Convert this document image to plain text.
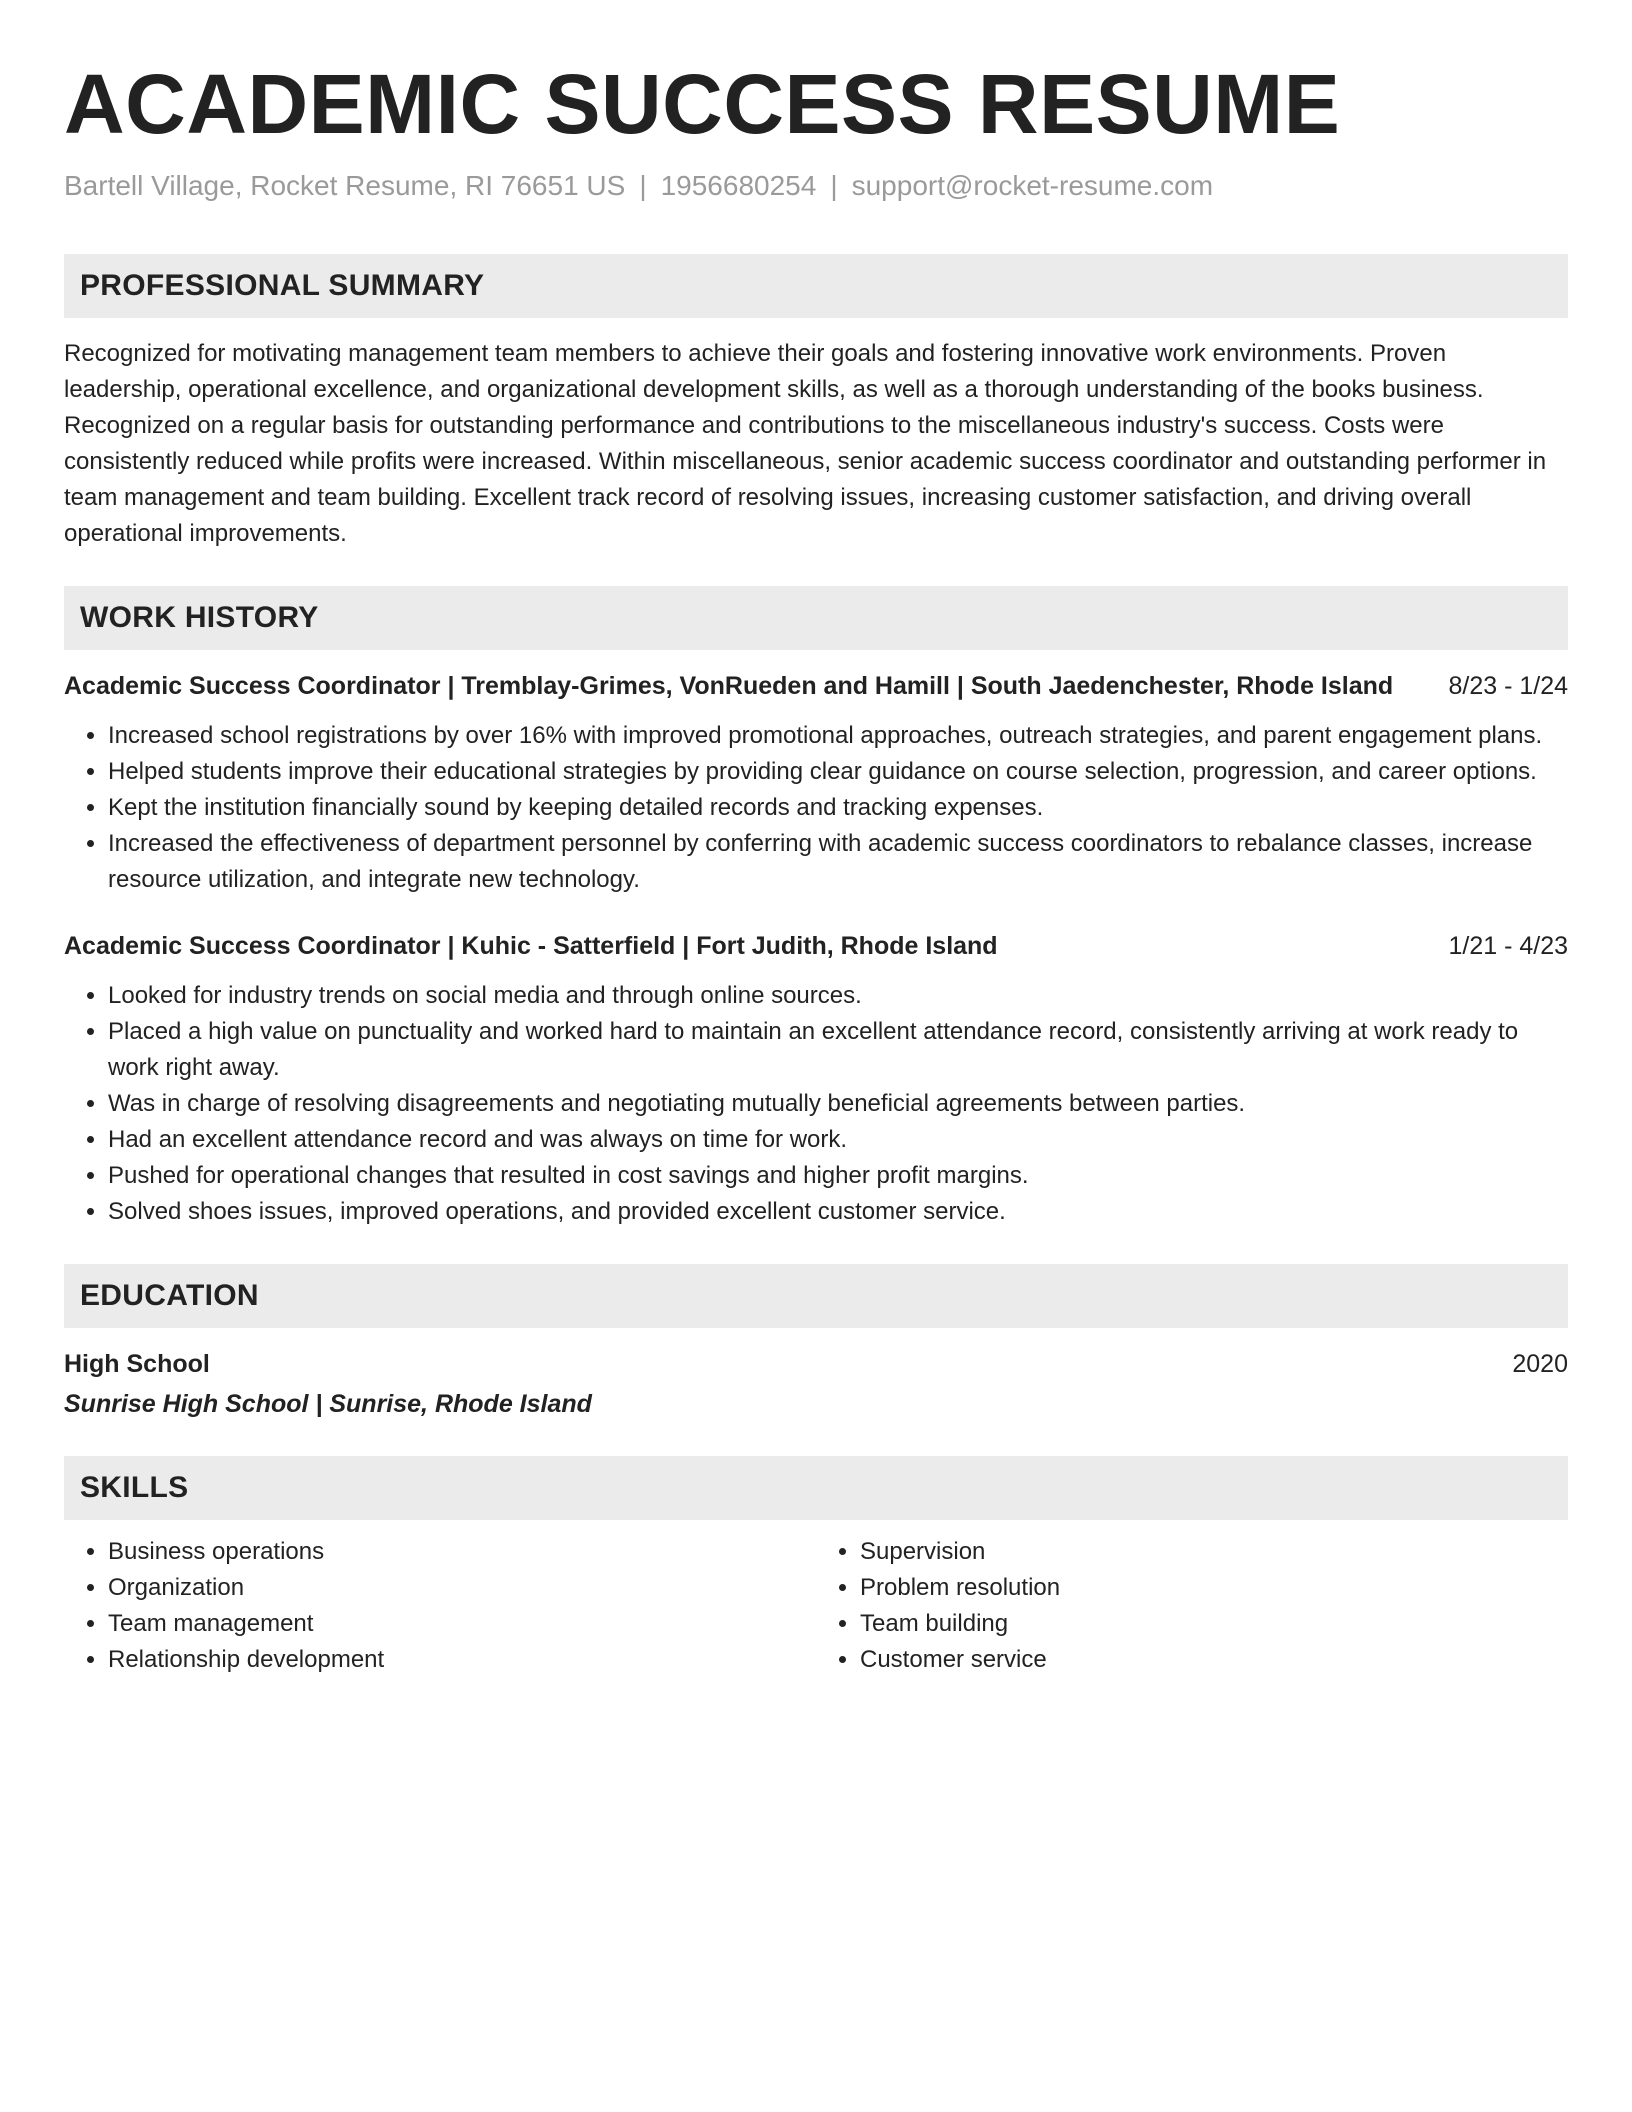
ACADEMIC SUCCESS RESUME
Bartell Village, Rocket Resume, RI 76651 US | 1956680254 | support@rocket-resume.com
PROFESSIONAL SUMMARY
Recognized for motivating management team members to achieve their goals and fostering innovative work environments. Proven leadership, operational excellence, and organizational development skills, as well as a thorough understanding of the books business. Recognized on a regular basis for outstanding performance and contributions to the miscellaneous industry's success. Costs were consistently reduced while profits were increased. Within miscellaneous, senior academic success coordinator and outstanding performer in team management and team building. Excellent track record of resolving issues, increasing customer satisfaction, and driving overall operational improvements.
WORK HISTORY
Academic Success Coordinator | Tremblay-Grimes, VonRueden and Hamill | South Jaedenchester, Rhode Island 8/23 - 1/24
• Increased school registrations by over 16% with improved promotional approaches, outreach strategies, and parent engagement plans.
• Helped students improve their educational strategies by providing clear guidance on course selection, progression, and career options.
• Kept the institution financially sound by keeping detailed records and tracking expenses.
• Increased the effectiveness of department personnel by conferring with academic success coordinators to rebalance classes, increase resource utilization, and integrate new technology.
Academic Success Coordinator | Kuhic - Satterfield | Fort Judith, Rhode Island	1/21 - 4/23
• Looked for industry trends on social media and through online sources.
• Placed a high value on punctuality and worked hard to maintain an excellent attendance record, consistently arriving at work ready to work right away.
• Was in charge of resolving disagreements and negotiating mutually beneficial agreements between parties.
• Had an excellent attendance record and was always on time for work.
• Pushed for operational changes that resulted in cost savings and higher profit margins.
• Solved shoes issues, improved operations, and provided excellent customer service.
EDUCATION
High School	2020
Sunrise High School | Sunrise, Rhode Island
SKILLS
• Business operations
• Organization
• Team management
• Relationship development
• Supervision
• Problem resolution
• Team building
• Customer service
